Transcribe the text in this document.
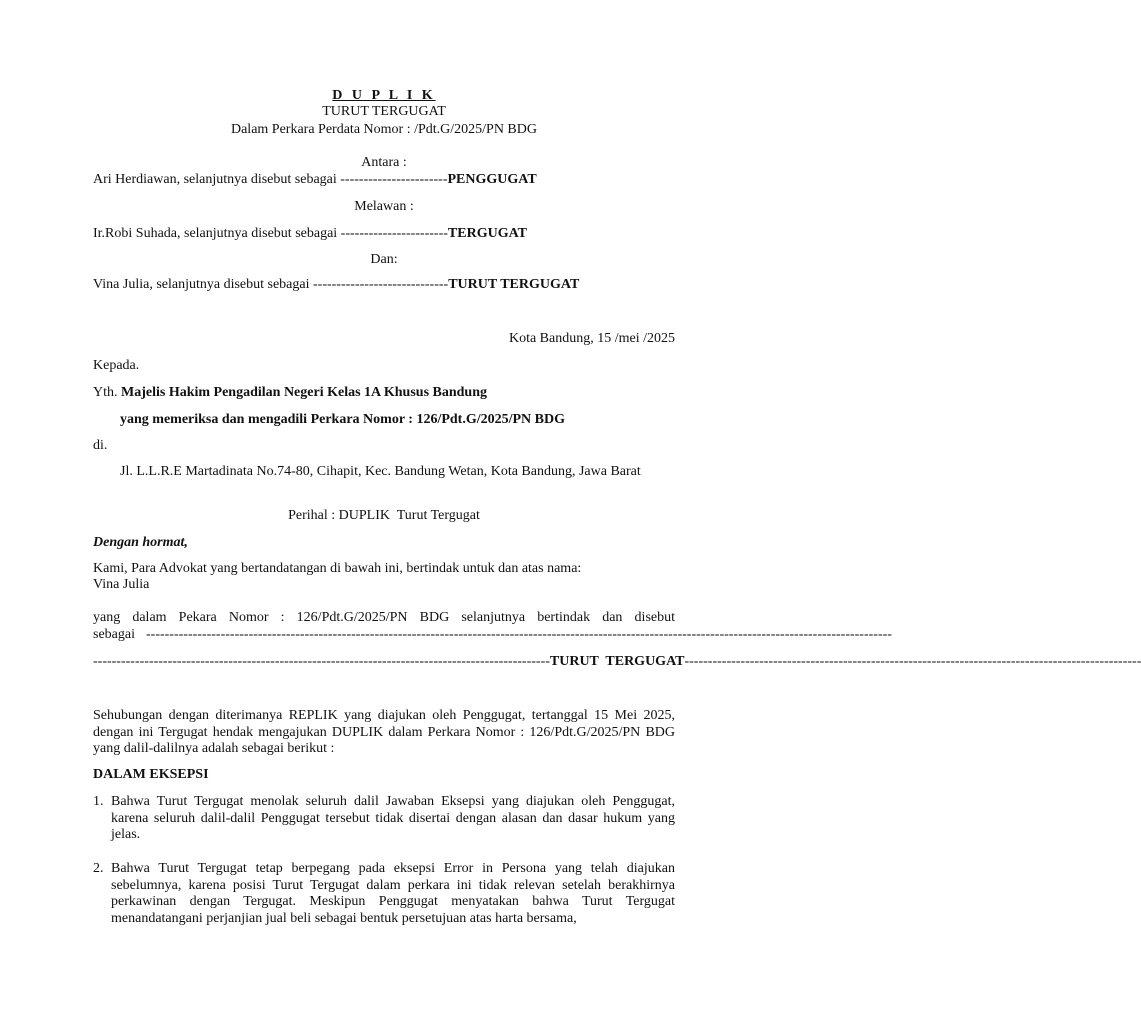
D U P L I K
TURUT TERGUGAT
Dalam Perkara Perdata Nomor : /Pdt.G/2025/PN BDG
Antara :
Ari Herdiawan, selanjutnya disebut sebagai -----------------------PENGGUGAT
Melawan :
Ir.Robi Suhada, selanjutnya disebut sebagai -----------------------TERGUGAT
Dan:
Vina Julia, selanjutnya disebut sebagai -----------------------------TURUT TERGUGAT
Kota Bandung, 15 /mei /2025
Kepada.
Yth. Majelis Hakim Pengadilan Negeri Kelas 1A Khusus Bandung
yang memeriksa dan mengadili Perkara Nomor : 126/Pdt.G/2025/PN BDG
di.
Jl. L.L.R.E Martadinata No.74-80, Cihapit, Kec. Bandung Wetan, Kota Bandung, Jawa Barat
Perihal : DUPLIK  Turut Tergugat
Dengan hormat,
Kami, Para Advokat yang bertandatangan di bawah ini, bertindak untuk dan atas nama:
Vina Julia
yang dalam Pekara Nomor : 126/Pdt.G/2025/PN BDG selanjutnya bertindak dan disebut
sebagai ----------------------------------------------------------------------------------------------------------------------------------------------------------------
-------------------------------------------------------------------------------------------------- TURUT  TERGUGAT --------------------------------------------------------------------------------------------------
Sehubungan dengan diterimanya REPLIK yang diajukan oleh Penggugat, tertanggal 15 Mei 2025, dengan ini Tergugat hendak mengajukan DUPLIK dalam Perkara Nomor : 126/Pdt.G/2025/PN BDG yang dalil-dalilnya adalah sebagai berikut :
DALAM EKSEPSI
1. Bahwa Turut Tergugat menolak seluruh dalil Jawaban Eksepsi yang diajukan oleh Penggugat, karena seluruh dalil-dalil Penggugat tersebut tidak disertai dengan alasan dan dasar hukum yang jelas.
2. Bahwa Turut Tergugat tetap berpegang pada eksepsi Error in Persona yang telah diajukan sebelumnya, karena posisi Turut Tergugat dalam perkara ini tidak relevan setelah berakhirnya perkawinan dengan Tergugat. Meskipun Penggugat menyatakan bahwa Turut Tergugat menandatangani perjanjian jual beli sebagai bentuk persetujuan atas harta bersama,
